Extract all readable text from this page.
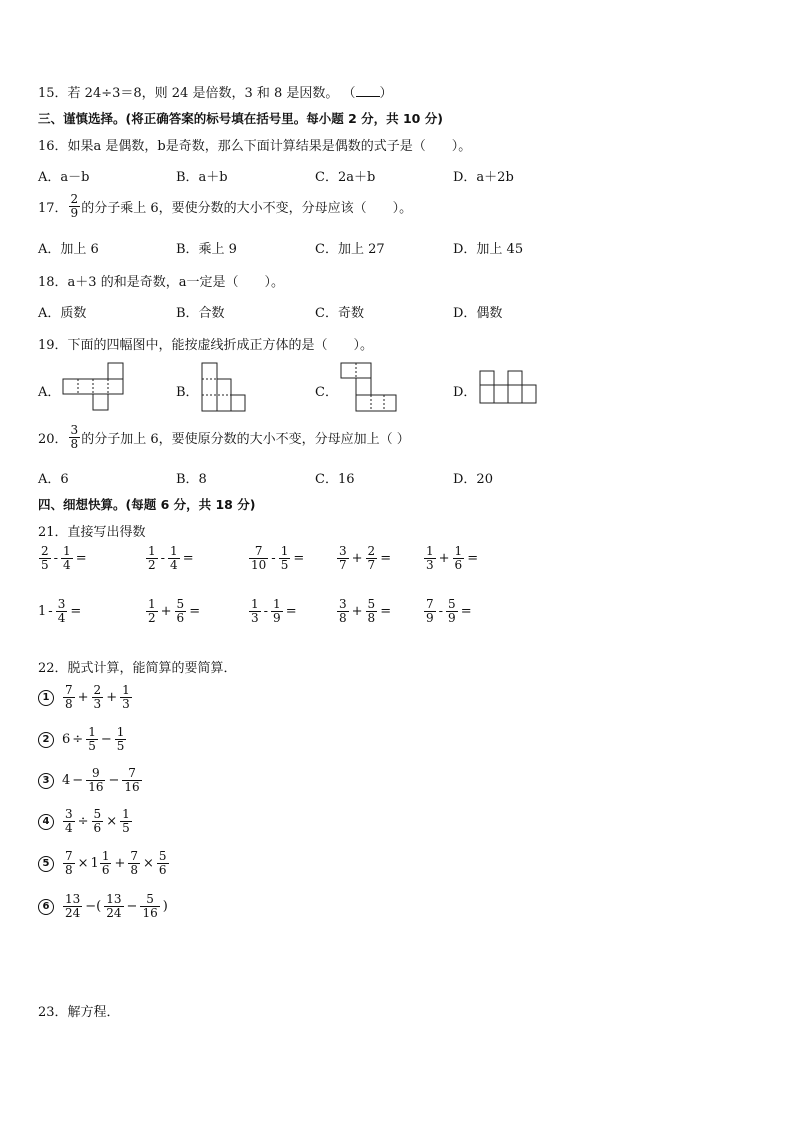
15．若 24÷3＝8，则 24 是倍数，3 和 8 是因数。 （ ）
三、谨慎选择。(将正确答案的标号填在括号里。每小题 2 分，共 10 分)
16．如果a 是偶数，b是奇数，那么下面计算结果是偶数的式子是（　　）。
A．a－b	B．a＋b	C．2a＋b	D．a＋2b
17． $\frac{2}{9}$ 的分子乘上 6，要使分数的大小不变，分母应该（　　）。
A．加上 6	B．乘上 9	C．加上 27	D．加上 45
18．a＋3 的和是奇数，a一定是（　　）。
A．质数	B．合数	C．奇数	D．偶数
19．下面的四幅图中，能按虚线折成正方体的是（　　）。
A．	B．	C．	D．
20． $\frac{3}{8}$ 的分子加上 6，要使原分数的大小不变，分母应加上（ ）
A．6	B．8	C．16	D．20
四、细想快算。(每题 6 分，共 18 分)
21．直接写出得数
$\frac{2}{5} - \frac{1}{4}$ =	$\frac{1}{2} - \frac{1}{4}$ =	$\frac{7}{10} - \frac{1}{5}$ =	$\frac{3}{7} + \frac{2}{7}$ =	$\frac{1}{3} + \frac{1}{6}$ =
$1 - \frac{3}{4}$ =	$\frac{1}{2} + \frac{5}{6}$ =	$\frac{1}{3} - \frac{1}{9}$ =	$\frac{3}{8} + \frac{5}{8}$ =	$\frac{7}{9} - \frac{5}{9}$ =
22．脱式计算，能简算的要简算．
1	$\frac{7}{8} + \frac{2}{3} + \frac{1}{3}$
2 $6 \div \frac{1}{5} - \frac{1}{5}$
3 $4 - \frac{9}{16} - \frac{7}{16}$
4	$\frac{3}{4} \div \frac{5}{6} \times \frac{1}{5}$
5	$\frac{7}{8} \times 1 \frac{1}{6} + \frac{7}{8} \times \frac{5}{6}$
6	$\frac{13}{24}$ −( $\frac{13}{24} - \frac{5}{16}$ )
23．解方程．
